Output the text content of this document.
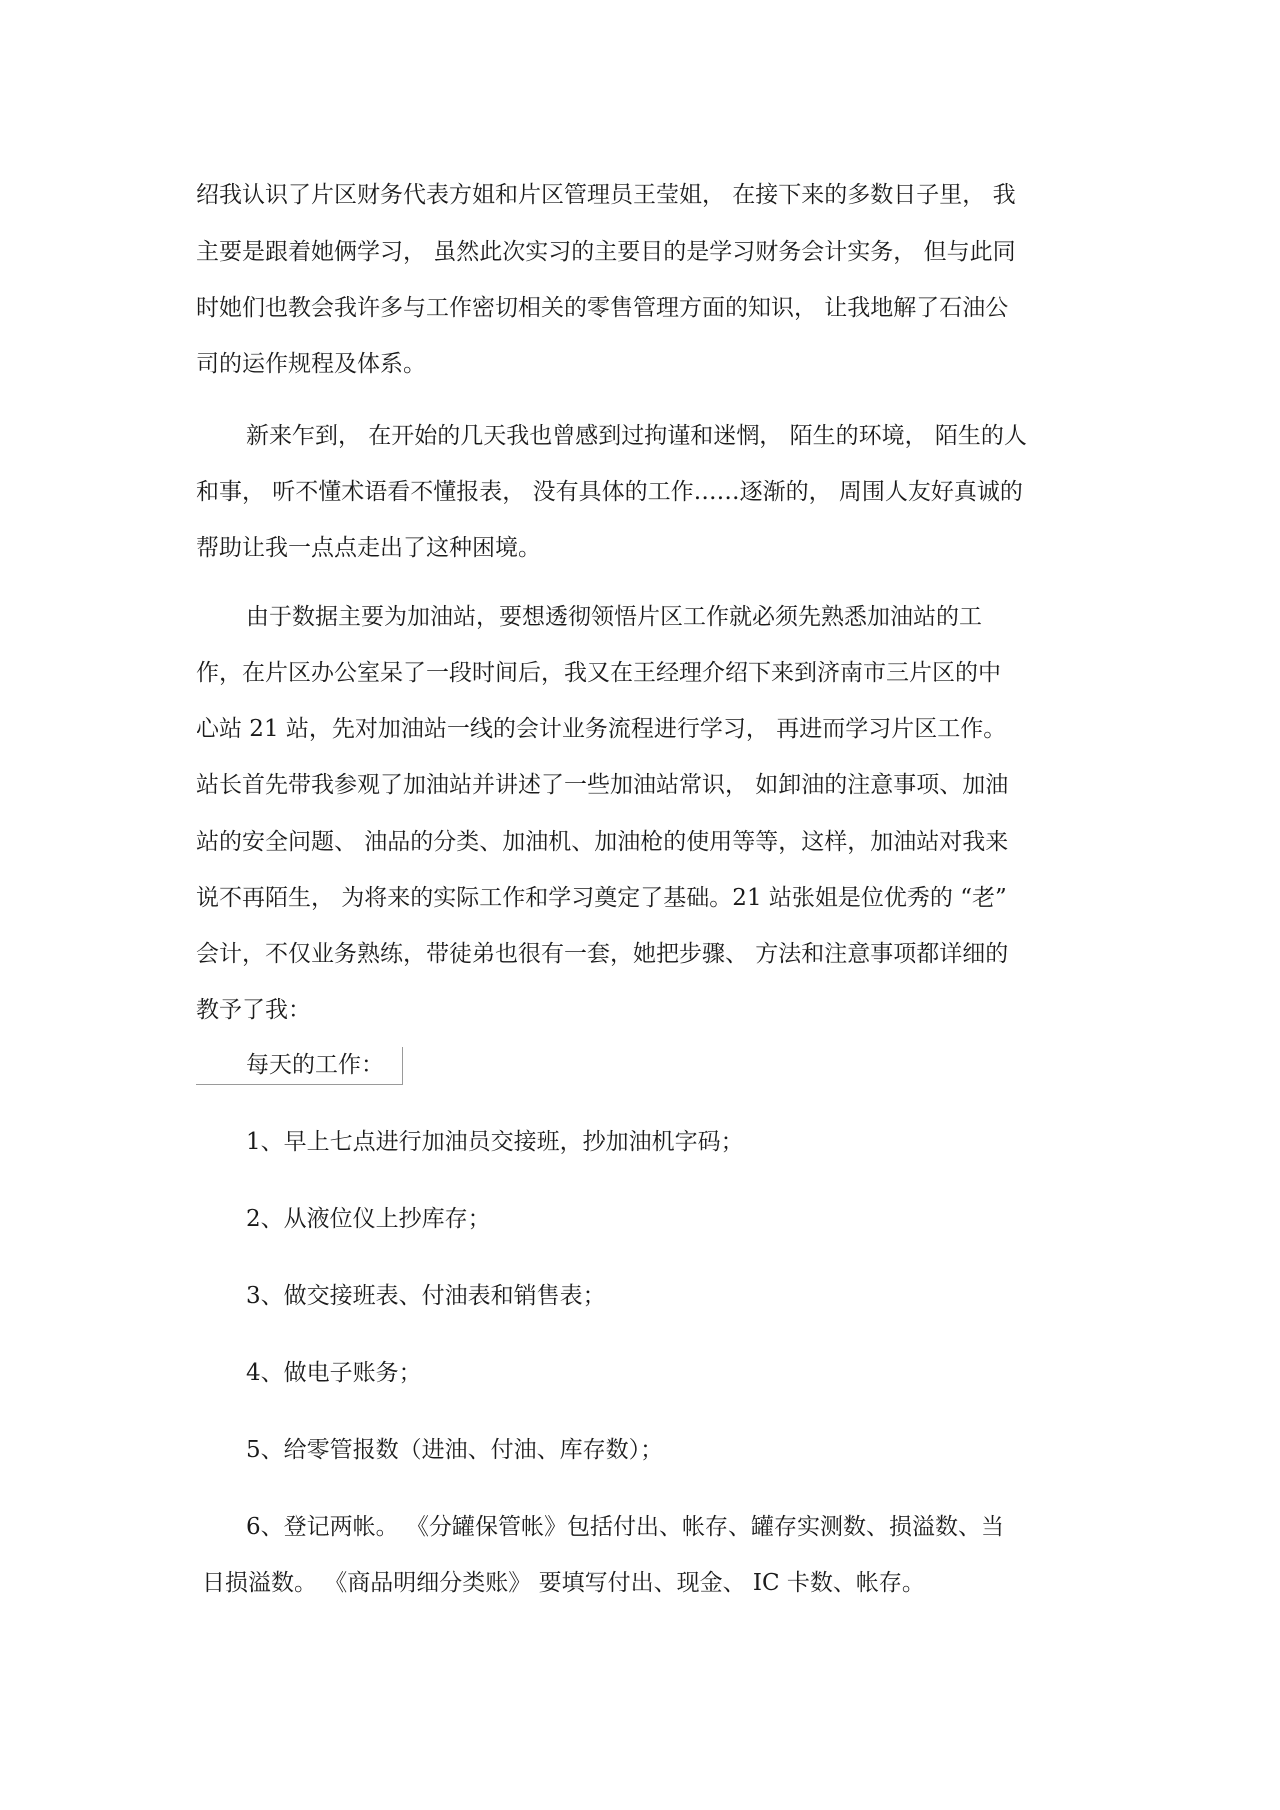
绍我认识了片区财务代表方姐和片区管理员王莹姐， 在接下来的多数日子里， 我
主要是跟着她俩学习， 虽然此次实习的主要目的是学习财务会计实务， 但与此同
时她们也教会我许多与工作密切相关的零售管理方面的知识， 让我地解了石油公
司的运作规程及体系。
新来乍到， 在开始的几天我也曾感到过拘谨和迷惘， 陌生的环境， 陌生的人
和事， 听不懂术语看不懂报表， 没有具体的工作……逐渐的， 周围人友好真诚的
帮助让我一点点走出了这种困境。
由于数据主要为加油站，要想透彻领悟片区工作就必须先熟悉加油站的工
作，在片区办公室呆了一段时间后，我又在王经理介绍下来到济南市三片区的中
心站 21 站，先对加油站一线的会计业务流程进行学习， 再进而学习片区工作。
站长首先带我参观了加油站并讲述了一些加油站常识， 如卸油的注意事项、加油
站的安全问题、 油品的分类、加油机、加油枪的使用等等，这样，加油站对我来
说不再陌生， 为将来的实际工作和学习奠定了基础。21 站张姐是位优秀的 “老”
会计，不仅业务熟练，带徒弟也很有一套，她把步骤、 方法和注意事项都详细的
教予了我：
每天的工作：
1、早上七点进行加油员交接班，抄加油机字码；
2、从液位仪上抄库存；
3、做交接班表、付油表和销售表；
4、做电子账务；
5、给零管报数（进油、付油、库存数）；
6、登记两帐。 《分罐保管帐》包括付出、帐存、罐存实测数、损溢数、当
日损溢数。 《商品明细分类账》 要填写付出、现金、 IC 卡数、帐存。
